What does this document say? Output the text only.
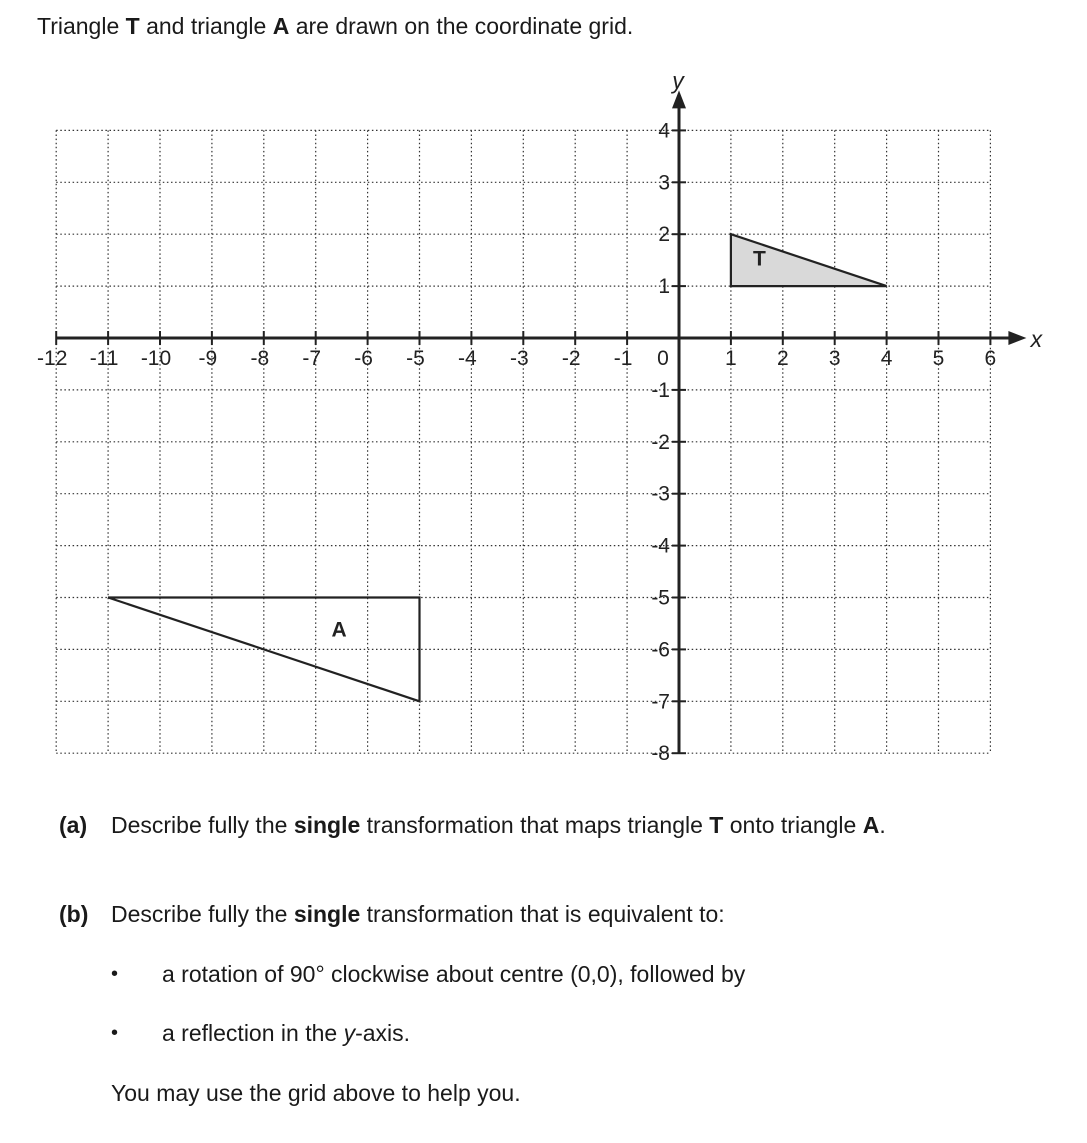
Triangle T and triangle A are drawn on the coordinate grid.
T
A
x
y
-12 -11 -10 -9 -8 -7 -6 -5 -4 -3 -2 -1	1 2 3 4 5 6
0
4
3
2
1
-1
-2
-3
-4
-5
-6
-7
-8
(a) Describe fully the single transformation that maps triangle T onto triangle A.
(b) Describe fully the single transformation that is equivalent to:
• a rotation of 90° clockwise about centre (0,0), followed by
• a reflection in the y-axis.
You may use the grid above to help you.
